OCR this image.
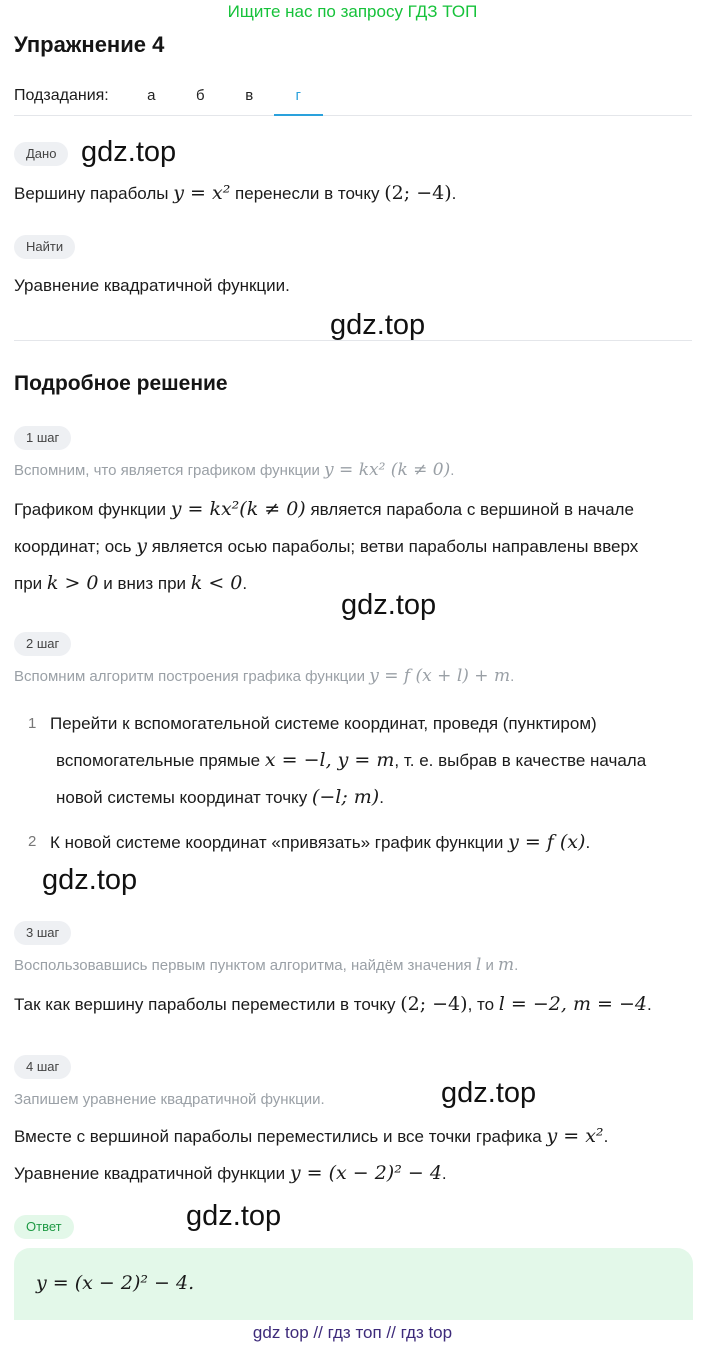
Ищите нас по запросу ГДЗ ТОП
Упражнение 4
Подзадания:	а	б	в	г
Дано gdz.top
Вершину параболы y = x² перенесли в точку (2; −4).
Найти
Уравнение квадратичной функции.
gdz.top
Подробное решение
1 шаг
Вспомним, что является графиком функции y = kx² (k ≠ 0).
Графиком функции y = kx²(k ≠ 0) является парабола с вершиной в начале
координат; ось y является осью параболы; ветви параболы направлены вверх
при k > 0 и вниз при k < 0.
gdz.top
2 шаг
Вспомним алгоритм построения графика функции y = f (x + l) + m.
1 Перейти к вспомогательной системе координат, проведя (пунктиром)
вспомогательные прямые x = −l, y = m, т. е. выбрав в качестве начала
новой системы координат точку (−l; m).
2 К новой системе координат «привязать» график функции y = f (x).
gdz.top
3 шаг
Воспользовавшись первым пунктом алгоритма, найдём значения l и m.
Так как вершину параболы переместили в точку (2; −4), то l = −2, m = −4.
4 шаг
gdz.top
Запишем уравнение квадратичной функции.
Вместе с вершиной параболы переместились и все точки графика y = x².
Уравнение квадратичной функции y = (x − 2)² − 4.
Ответ	gdz.top
y = (x − 2)² − 4.
gdz top // гдз топ // гдз top
